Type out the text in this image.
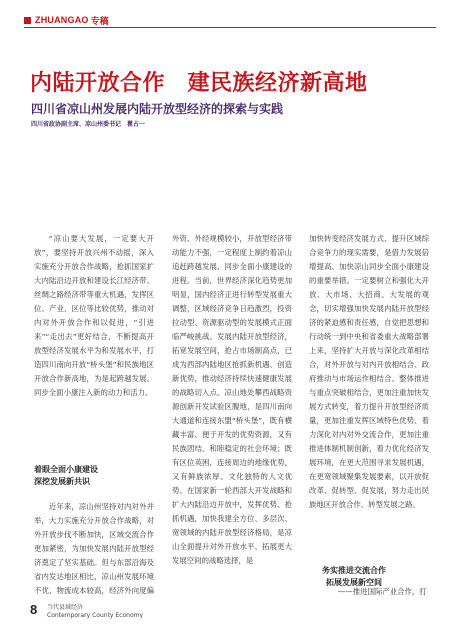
ZHUANGAO 专稿
内陆开放合作　建民族经济新高地
四川省凉山州发展内陆开放型经济的探索与实践
四川省政协副主席、凉山州委书记　瞿占一

“凉山要大发展，一定要大开放”，要坚持开放兴州不动摇，深入实施充分开放合作战略，抢抓国家扩大内陆沿边开放和建设长江经济带、丝绸之路经济带等重大机遇，发挥区位、产业、区位等比较优势，推动对内对外开放合作和以促进，“引进来”“走出去”更好结合，不断提高开放型经济发展水平为和发展水平，打造四川南向开放“桥头堡”和民族地区开放合作新高地，为是起跨越发展、同步全面小康注入新的动力和活力。

着眼全面小康建设
深挖发展新共识

近年来，凉山州坚持对内对外并举，大力实施充分开放合作战略，对外开放步伐不断加快，区域交流合作更加紧密，为加快发展内陆开放型经济奠定了坚实基础。但与东部沿海及省内发达地区相比，凉山州发展环境不优、物流成本较高，经济外向度偏

外资、外经规模较小，开放型经济带动能力不强，一定程度上制约着凉山追赶跨越发展、同步全面小康建设的进程。当前，世界经济深化趋势更加明显，国内经济正进行转型发展重大调整，区域经济竞争日趋激烈，投资拉动型、资源驱动型的发展模式正面临严峻挑战。发展内陆开放型经济，拓宽发展空间，抢占市场制高点，已成为西部内陆地区抢抓新机遇、创造新优势，推动经济持续快速健康发展的战略切入点。凉山地处攀西战略资源创新开发试验区腹地，是四川南向大通道和连接东盟“桥头堡”，既有横藏丰富、便于开发的优势资源，又有民族团结、和睦稳定的社会环境；既有区位英困，连接周边的地缘优势，又有鲜族浓厚、文化独特的人文优势。在国家新一轮西部大开发战略和扩大内陆沿边开放中，发挥优势、抢抓机遇，加快我建全方位、多层次、宽领域的内陆开放型经济格局，是凉山全面提升对外开放水平、拓展更大发展空间的战略选择，是

加快转变经济发展方式、提升区域综合竞争力的现实需要，是借力发展倍增提高、加快凉山同步全面小康建设的重要举措。一定要树立和强化大开放、大市场、大招商、大发展的观念，切实增强加快发展内陆开放型经济的紧迫感和责任感，自觉把思想和行动统一到中央和省委重大战略部署上来，坚持扩大开放与深化改革相结合，对外开放与对内开放相结合、政府推动与市场运作相结合、整体推进与重点突破相结合，更加注重加快发展方式转变，着力提升开放型经济质量，更加注重发挥区域特色优势、着力深化对内对外交流合作，更加注重推进体制机制创新，着力优化经济发展环境，在更大范围寻求发展机遇，在更宽领域聚集发展要素，以开放促改革、促转型、促发展，努力走出民族地区开放合作、转型发展之路。

务实推进交流合作
拓展发展新空间
——推进国际产业合作，打
8 当代县域经济
Contemporary County Economy
